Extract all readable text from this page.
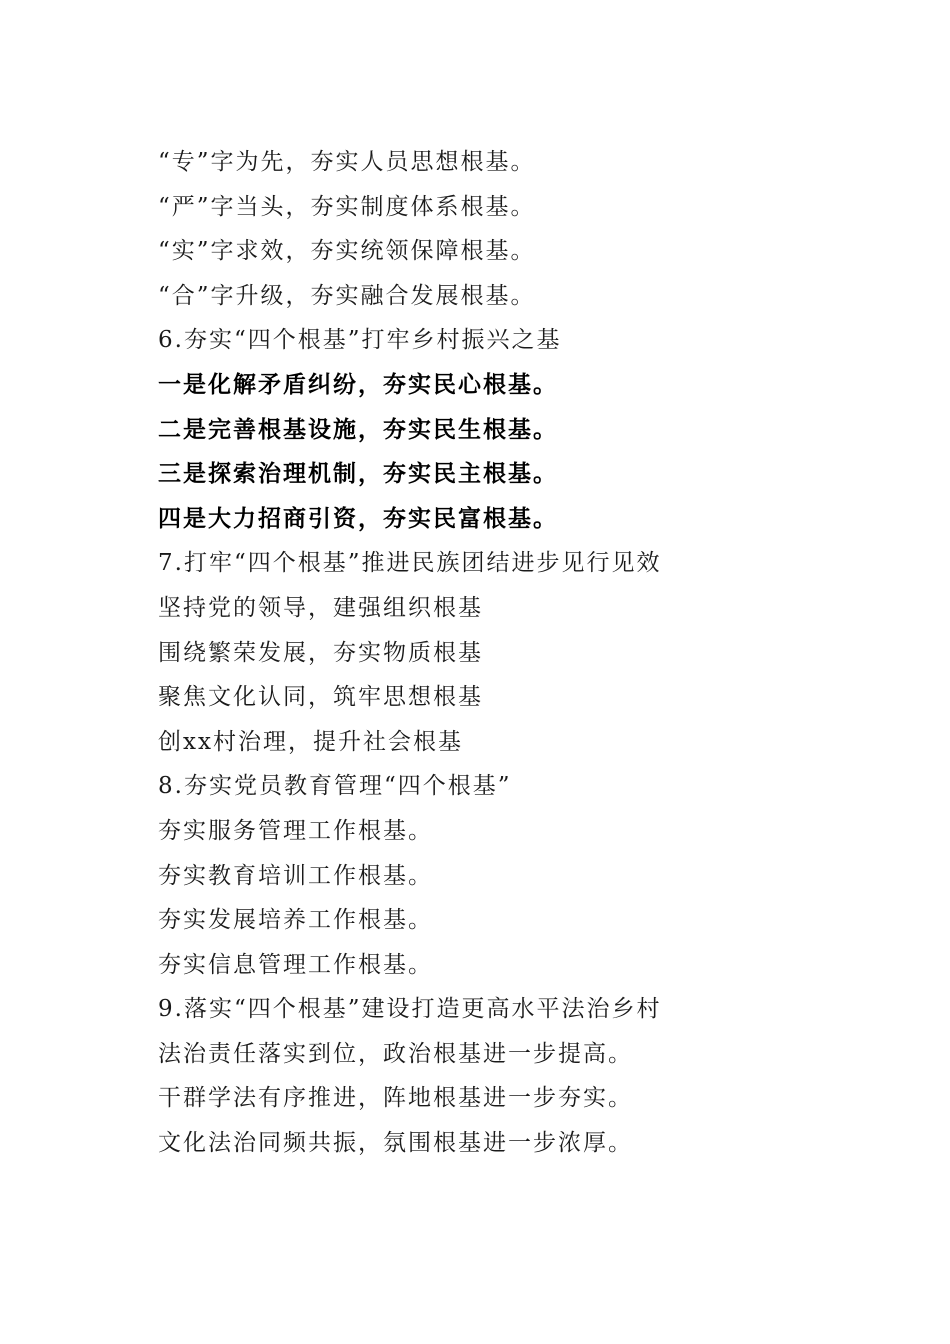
“专”字为先，夯实人员思想根基。
“严”字当头，夯实制度体系根基。
“实”字求效，夯实统领保障根基。
“合”字升级，夯实融合发展根基。
6.夯实“四个根基”打牢乡村振兴之基
一是化解矛盾纠纷，夯实民心根基。
二是完善根基设施，夯实民生根基。
三是探索治理机制，夯实民主根基。
四是大力招商引资，夯实民富根基。
7.打牢“四个根基”推进民族团结进步见行见效
坚持党的领导，建强组织根基
围绕繁荣发展，夯实物质根基
聚焦文化认同，筑牢思想根基
创xx村治理，提升社会根基
8.夯实党员教育管理“四个根基”
夯实服务管理工作根基。
夯实教育培训工作根基。
夯实发展培养工作根基。
夯实信息管理工作根基。
9.落实“四个根基”建设打造更高水平法治乡村
法治责任落实到位，政治根基进一步提高。
干群学法有序推进，阵地根基进一步夯实。
文化法治同频共振，氛围根基进一步浓厚。
